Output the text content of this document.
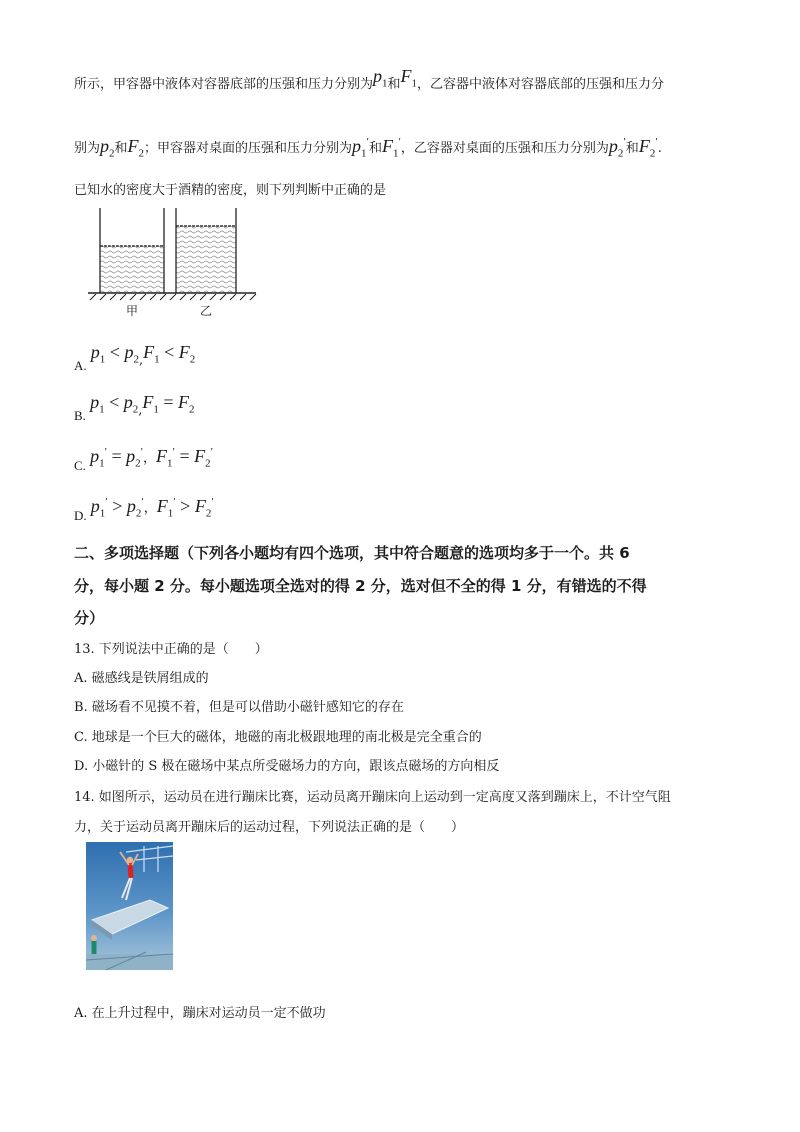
所示，甲容器中液体对容器底部的压强和压力分别为$p_1$和$F_1$，乙容器中液体对容器底部的压强和压力分
别为$p_2$和$F_2$；甲容器对桌面的压强和压力分别为$p_1'$和$F_1'$，乙容器对桌面的压强和压力分别为$p_2'$和$F_2'$.
已知水的密度大于酒精的密度，则下列判断中正确的是
甲	乙
A. $p_1 < p_2,F_1 < F_2$
B. $p_1 < p_2,F_1 = F_2$
C. $p_1' = p_2'$，$F_1' = F_2'$
D. $p_1' > p_2'$，$F_1' > F_2'$
二、多项选择题（下列各小题均有四个选项，其中符合题意的选项均多于一个。共 6
分，每小题 2 分。每小题选项全选对的得 2 分，选对但不全的得 1 分，有错选的不得
分）
13. 下列说法中正确的是（　　）
A. 磁感线是铁屑组成的
B. 磁场看不见摸不着，但是可以借助小磁针感知它的存在
C. 地球是一个巨大的磁体，地磁的南北极跟地理的南北极是完全重合的
D. 小磁针的 S 极在磁场中某点所受磁场力的方向，跟该点磁场的方向相反
14. 如图所示，运动员在进行蹦床比赛，运动员离开蹦床向上运动到一定高度又落到蹦床上，不计空气阻
力，关于运动员离开蹦床后的运动过程，下列说法正确的是（　　）
A. 在上升过程中，蹦床对运动员一定不做功
